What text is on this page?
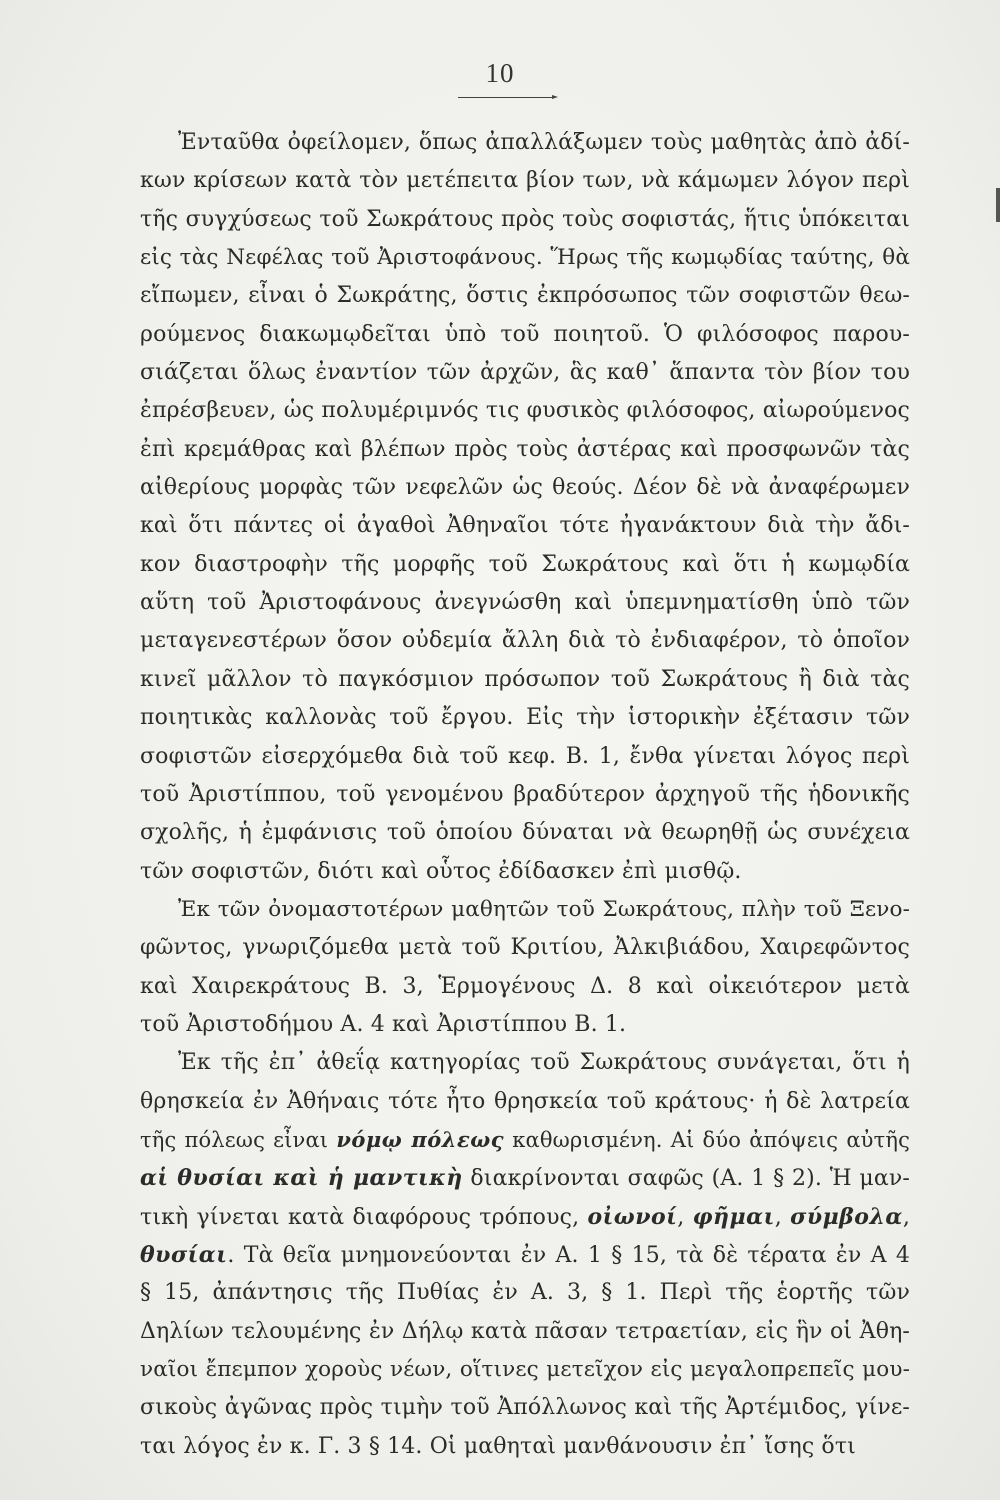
10
Ἐνταῦθα ὀφείλομεν, ὅπως ἀπαλλάξωμεν τοὺς μαθητὰς ἀπὸ ἀδί-
κων κρίσεων κατὰ τὸν μετέπειτα βίον των, νὰ κάμωμεν λόγον περὶ
τῆς συγχύσεως τοῦ Σωκράτους πρὸς τοὺς σοφιστάς, ἥτις ὑπόκειται
εἰς τὰς Νεφέλας τοῦ Ἀριστοφάνους. Ἥρως τῆς κωμῳδίας ταύτης, θὰ
εἴπωμεν, εἶναι ὁ Σωκράτης, ὅστις ἐκπρόσωπος τῶν σοφιστῶν θεω-
ρούμενος διακωμῳδεῖται ὑπὸ τοῦ ποιητοῦ. Ὁ φιλόσοφος παρου-
σιάζεται ὅλως ἐναντίον τῶν ἀρχῶν, ἃς καθ᾽ ἅπαντα τὸν βίον του
ἐπρέσβευεν, ὡς πολυμέριμνός τις φυσικὸς φιλόσοφος, αἰωρούμενος
ἐπὶ κρεμάθρας καὶ βλέπων πρὸς τοὺς ἀστέρας καὶ προσφωνῶν τὰς
αἰθερίους μορφὰς τῶν νεφελῶν ὡς θεούς. Δέον δὲ νὰ ἀναφέρωμεν
καὶ ὅτι πάντες οἱ ἀγαθοὶ Ἀθηναῖοι τότε ἠγανάκτουν διὰ τὴν ἄδι-
κον διαστροφὴν τῆς μορφῆς τοῦ Σωκράτους καὶ ὅτι ἡ κωμῳδία
αὕτη τοῦ Ἀριστοφάνους ἀνεγνώσθη καὶ ὑπεμνηματίσθη ὑπὸ τῶν
μεταγενεστέρων ὅσον οὐδεμία ἄλλη διὰ τὸ ἐνδιαφέρον, τὸ ὁποῖον
κινεῖ μᾶλλον τὸ παγκόσμιον πρόσωπον τοῦ Σωκράτους ἢ διὰ τὰς
ποιητικὰς καλλονὰς τοῦ ἔργου. Εἰς τὴν ἱστορικὴν ἐξέτασιν τῶν
σοφιστῶν εἰσερχόμεθα διὰ τοῦ κεφ. Β. 1, ἔνθα γίνεται λόγος περὶ
τοῦ Ἀριστίππου, τοῦ γενομένου βραδύτερον ἀρχηγοῦ τῆς ἡδονικῆς
σχολῆς, ἡ ἐμφάνισις τοῦ ὁποίου δύναται νὰ θεωρηθῇ ὡς συνέχεια
τῶν σοφιστῶν, διότι καὶ οὗτος ἐδίδασκεν ἐπὶ μισθῷ.
Ἐκ τῶν ὀνομαστοτέρων μαθητῶν τοῦ Σωκράτους, πλὴν τοῦ Ξενο-
φῶντος, γνωριζόμεθα μετὰ τοῦ Κριτίου, Ἀλκιβιάδου, Χαιρεφῶντος
καὶ Χαιρεκράτους Β. 3, Ἑρμογένους Δ. 8 καὶ οἰκειότερον μετὰ
τοῦ Ἀριστοδήμου Α. 4 καὶ Ἀριστίππου Β. 1.
Ἐκ τῆς ἐπ᾽ ἀθεΐᾳ κατηγορίας τοῦ Σωκράτους συνάγεται, ὅτι ἡ
θρησκεία ἐν Ἀθήναις τότε ἦτο θρησκεία τοῦ κράτους· ἡ δὲ λατρεία
τῆς πόλεως εἶναι νόμῳ πόλεως καθωρισμένη. Αἱ δύο ἀπόψεις αὐτῆς
αἱ θυσίαι καὶ ἡ μαντικὴ διακρίνονται σαφῶς (Α. 1 § 2). Ἡ μαν-
τικὴ γίνεται κατὰ διαφόρους τρόπους, οἰωνοί, φῆμαι, σύμβολα,
θυσίαι. Τὰ θεῖα μνημονεύονται ἐν Α. 1 § 15, τὰ δὲ τέρατα ἐν Α 4
§ 15, ἀπάντησις τῆς Πυθίας ἐν Α. 3, § 1. Περὶ τῆς ἑορτῆς τῶν
Δηλίων τελουμένης ἐν Δήλῳ κατὰ πᾶσαν τετραετίαν, εἰς ἣν οἱ Ἀθη-
ναῖοι ἔπεμπον χοροὺς νέων, οἵτινες μετεῖχον εἰς μεγαλοπρεπεῖς μου-
σικοὺς ἀγῶνας πρὸς τιμὴν τοῦ Ἀπόλλωνος καὶ τῆς Ἀρτέμιδος, γίνε-
ται λόγος ἐν κ. Γ. 3 § 14. Οἱ μαθηταὶ μανθάνουσιν ἐπ᾽ ἴσης ὅτι
